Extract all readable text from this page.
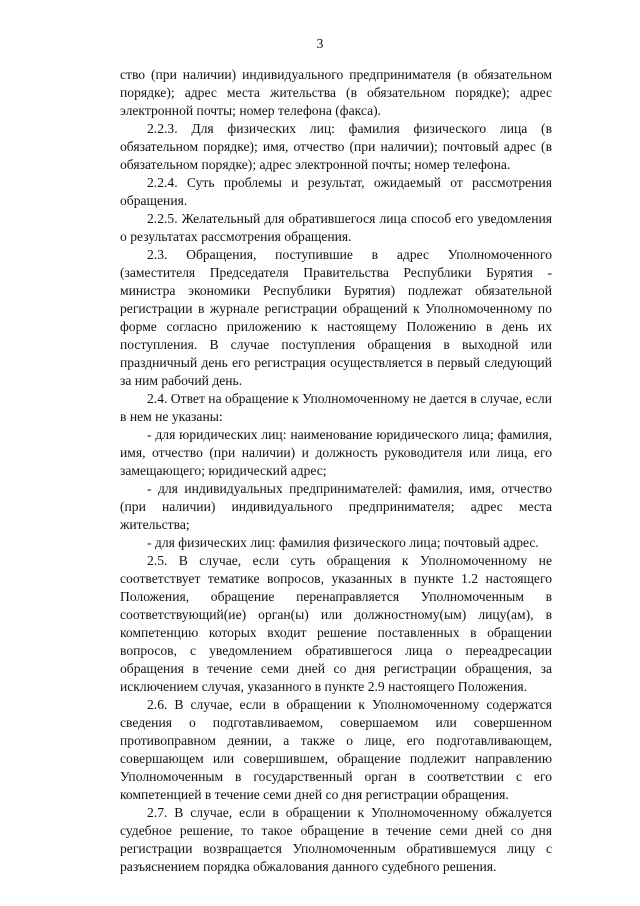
3

ство (при наличии) индивидуального предпринимателя (в обязательном порядке); адрес места жительства (в обязательном порядке); адрес электронной почты; номер телефона (факса).

2.2.3. Для физических лиц: фамилия физического лица (в обязательном порядке); имя, отчество (при наличии); почтовый адрес (в обязательном порядке); адрес электронной почты; номер телефона.

2.2.4. Суть проблемы и результат, ожидаемый от рассмотрения обращения.

2.2.5. Желательный для обратившегося лица способ его уведомления о результатах рассмотрения обращения.

2.3. Обращения, поступившие в адрес Уполномоченного (заместителя Председателя Правительства Республики Бурятия - министра экономики Республики Бурятия) подлежат обязательной регистрации в журнале регистрации обращений к Уполномоченному по форме согласно приложению к настоящему Положению в день их поступления. В случае поступления обращения в выходной или праздничный день его регистрация осуществляется в первый следующий за ним рабочий день.

2.4. Ответ на обращение к Уполномоченному не дается в случае, если в нем не указаны:

- для юридических лиц: наименование юридического лица; фамилия, имя, отчество (при наличии) и должность руководителя или лица, его замещающего; юридический адрес;

- для индивидуальных предпринимателей: фамилия, имя, отчество (при наличии) индивидуального предпринимателя; адрес места жительства;

- для физических лиц: фамилия физического лица; почтовый адрес.

2.5. В случае, если суть обращения к Уполномоченному не соответствует тематике вопросов, указанных в пункте 1.2 настоящего Положения, обращение перенаправляется Уполномоченным в соответствующий(ие) орган(ы) или должностному(ым) лицу(ам), в компетенцию которых входит решение поставленных в обращении вопросов, с уведомлением обратившегося лица о переадресации обращения в течение семи дней со дня регистрации обращения, за исключением случая, указанного в пункте 2.9 настоящего Положения.

2.6. В случае, если в обращении к Уполномоченному содержатся сведения о подготавливаемом, совершаемом или совершенном противоправном деянии, а также о лице, его подготавливающем, совершающем или совершившем, обращение подлежит направлению Уполномоченным в государственный орган в соответствии с его компетенцией в течение семи дней со дня регистрации обращения.

2.7. В случае, если в обращении к Уполномоченному обжалуется судебное решение, то такое обращение в течение семи дней со дня регистрации возвращается Уполномоченным обратившемуся лицу с разъяснением порядка обжалования данного судебного решения.
